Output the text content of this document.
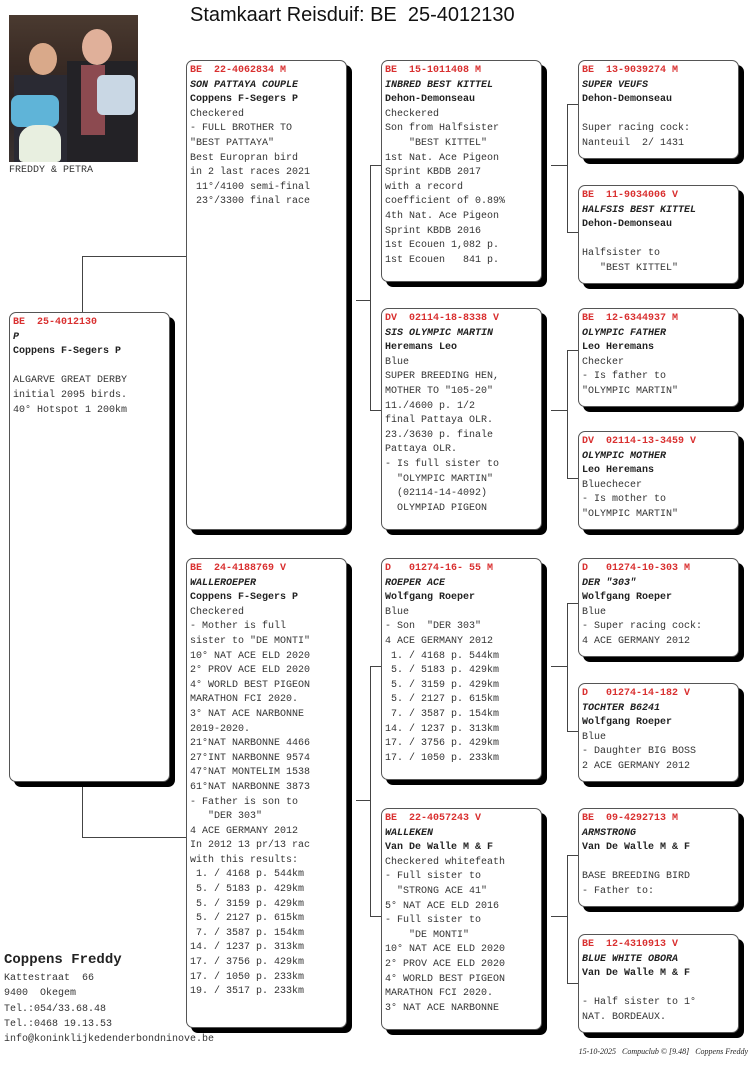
Stamkaart Reisduif: BE  25-4012130
FREDDY & PETRA
BE  25-4012130
P
Coppens F-Segers P

ALGARVE GREAT DERBY
initial 2095 birds.
40° Hotspot 1 200km
BE  22-4062834 M
SON PATTAYA COUPLE
Coppens F-Segers P
Checkered
- FULL BROTHER TO
"BEST PATTAYA"
Best Europran bird
in 2 last races 2021
11°/4100 semi-final
23°/3300 final race
BE  24-4188769 V
WALLEROEPER
Coppens F-Segers P
Checkered
- Mother is full
sister to "DE MONTI"
10° NAT ACE ELD 2020
2° PROV ACE ELD 2020
4° WORLD BEST PIGEON
MARATHON FCI 2020.
3° NAT ACE NARBONNE
2019-2020.
21°NAT NARBONNE 4466
27°INT NARBONNE 9574
47°NAT MONTELIM 1538
61°NAT NARBONNE 3873
- Father is son to
"DER 303"
4 ACE GERMANY 2012
In 2012 13 pr/13 rac
with this results:
1. / 4168 p. 544km
5. / 5183 p. 429km
5. / 3159 p. 429km
5. / 2127 p. 615km
7. / 3587 p. 154km
14. / 1237 p. 313km
17. / 3756 p. 429km
17. / 1050 p. 233km
19. / 3517 p. 233km
BE  15-1011408 M
INBRED BEST KITTEL
Dehon-Demonseau
Checkered
Son from Halfsister
"BEST KITTEL"
1st Nat. Ace Pigeon
Sprint KBDB 2017
with a record
coefficient of 0.89%
4th Nat. Ace Pigeon
Sprint KBDB 2016
1st Ecouen 1,082 p.
1st Ecouen   841 p.
DV  02114-18-8338 V
SIS OLYMPIC MARTIN
Heremans Leo
Blue
SUPER BREEDING HEN,
MOTHER TO "105-20"
11./4600 p. 1/2
final Pattaya OLR.
23./3630 p. finale
Pattaya OLR.
- Is full sister to
"OLYMPIC MARTIN"
(02114-14-4092)
OLYMPIAD PIGEON
D   01274-16- 55 M
ROEPER ACE
Wolfgang Roeper
Blue
- Son  "DER 303"
4 ACE GERMANY 2012
1. / 4168 p. 544km
5. / 5183 p. 429km
5. / 3159 p. 429km
5. / 2127 p. 615km
7. / 3587 p. 154km
14. / 1237 p. 313km
17. / 3756 p. 429km
17. / 1050 p. 233km
BE  22-4057243 V
WALLEKEN
Van De Walle M & F
Checkered whitefeath
- Full sister to
"STRONG ACE 41"
5° NAT ACE ELD 2016
- Full sister to
"DE MONTI"
10° NAT ACE ELD 2020
2° PROV ACE ELD 2020
4° WORLD BEST PIGEON
MARATHON FCI 2020.
3° NAT ACE NARBONNE
BE  13-9039274 M
SUPER VEUFS
Dehon-Demonseau

Super racing cock:
Nanteuil  2/ 1431
BE  11-9034006 V
HALFSIS BEST KITTEL
Dehon-Demonseau

Halfsister to
"BEST KITTEL"
BE  12-6344937 M
OLYMPIC FATHER
Leo Heremans
Checker
- Is father to
"OLYMPIC MARTIN"
DV  02114-13-3459 V
OLYMPIC MOTHER
Leo Heremans
Bluechecer
- Is mother to
"OLYMPIC MARTIN"
D   01274-10-303 M
DER "303"
Wolfgang Roeper
Blue
- Super racing cock:
4 ACE GERMANY 2012
D   01274-14-182 V
TOCHTER B6241
Wolfgang Roeper
Blue
- Daughter BIG BOSS
2 ACE GERMANY 2012
BE  09-4292713 M
ARMSTRONG
Van De Walle M & F

BASE BREEDING BIRD
- Father to:
BE  12-4310913 V
BLUE WHITE OBORA
Van De Walle M & F

- Half sister to 1°
NAT. BORDEAUX.
Coppens Freddy
Kattestraat  66
9400  Okegem
Tel.:054/33.68.48
Tel.:0468 19.13.53
info@koninklijkedenderbondninove.be
15-10-2025   Compuclub © [9.48]   Coppens Freddy
